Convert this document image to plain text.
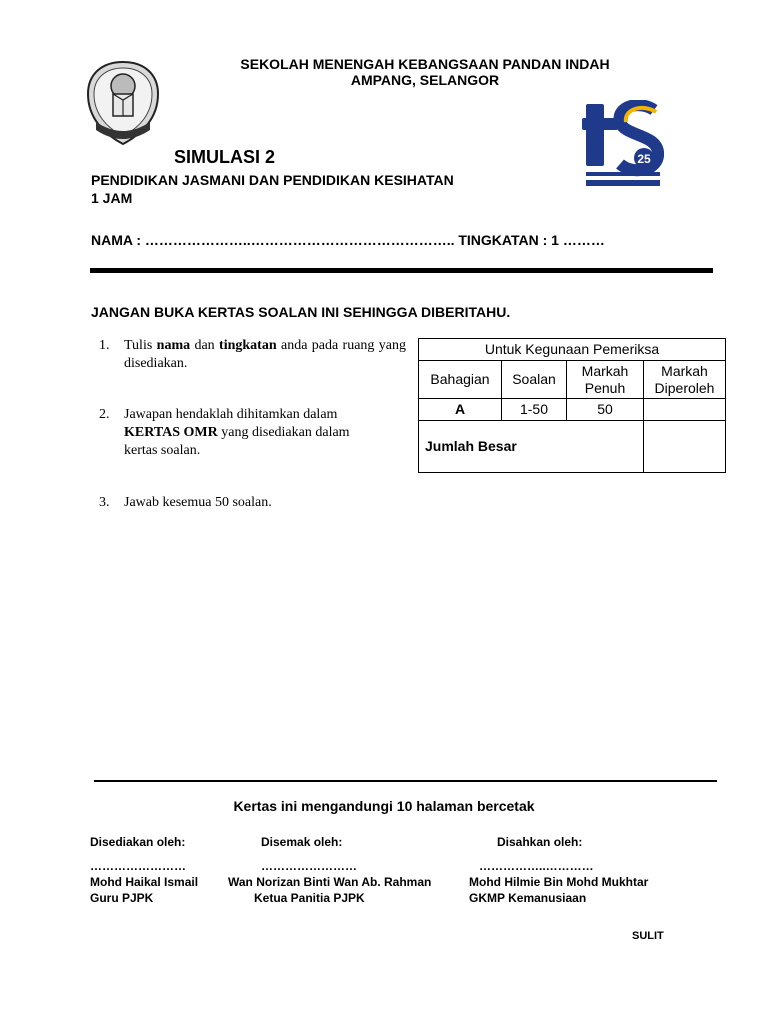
SEKOLAH MENENGAH KEBANGSAAN PANDAN INDAH
AMPANG, SELANGOR
25
SIMULASI 2
PENDIDIKAN JASMANI DAN PENDIDIKAN KESIHATAN
1 JAM
NAMA : …………………..…………………………………….. TINGKATAN : 1 ………
JANGAN BUKA KERTAS SOALAN INI SEHINGGA DIBERITAHU.
1. Tulis nama dan tingkatan anda pada ruang yang disediakan.
2. Jawapan hendaklah dihitamkan dalam KERTAS OMR yang disediakan dalam kertas soalan.
3. Jawab kesemua 50 soalan.
Untuk Kegunaan Pemeriksa			
Bahagian	Soalan	Markah Penuh	Markah Diperoleh
A	1-50	50	
Jumlah Besar			
Kertas ini mengandungi 10 halaman bercetak
Disediakan oleh:
……………………
Mohd Haikal Ismail
Guru PJPK
Disemak oleh:
……………………
Wan Norizan Binti Wan Ab. Rahman
Ketua Panitia PJPK
Disahkan oleh:
……………..…………
Mohd Hilmie Bin Mohd Mukhtar
GKMP Kemanusiaan
SULIT
